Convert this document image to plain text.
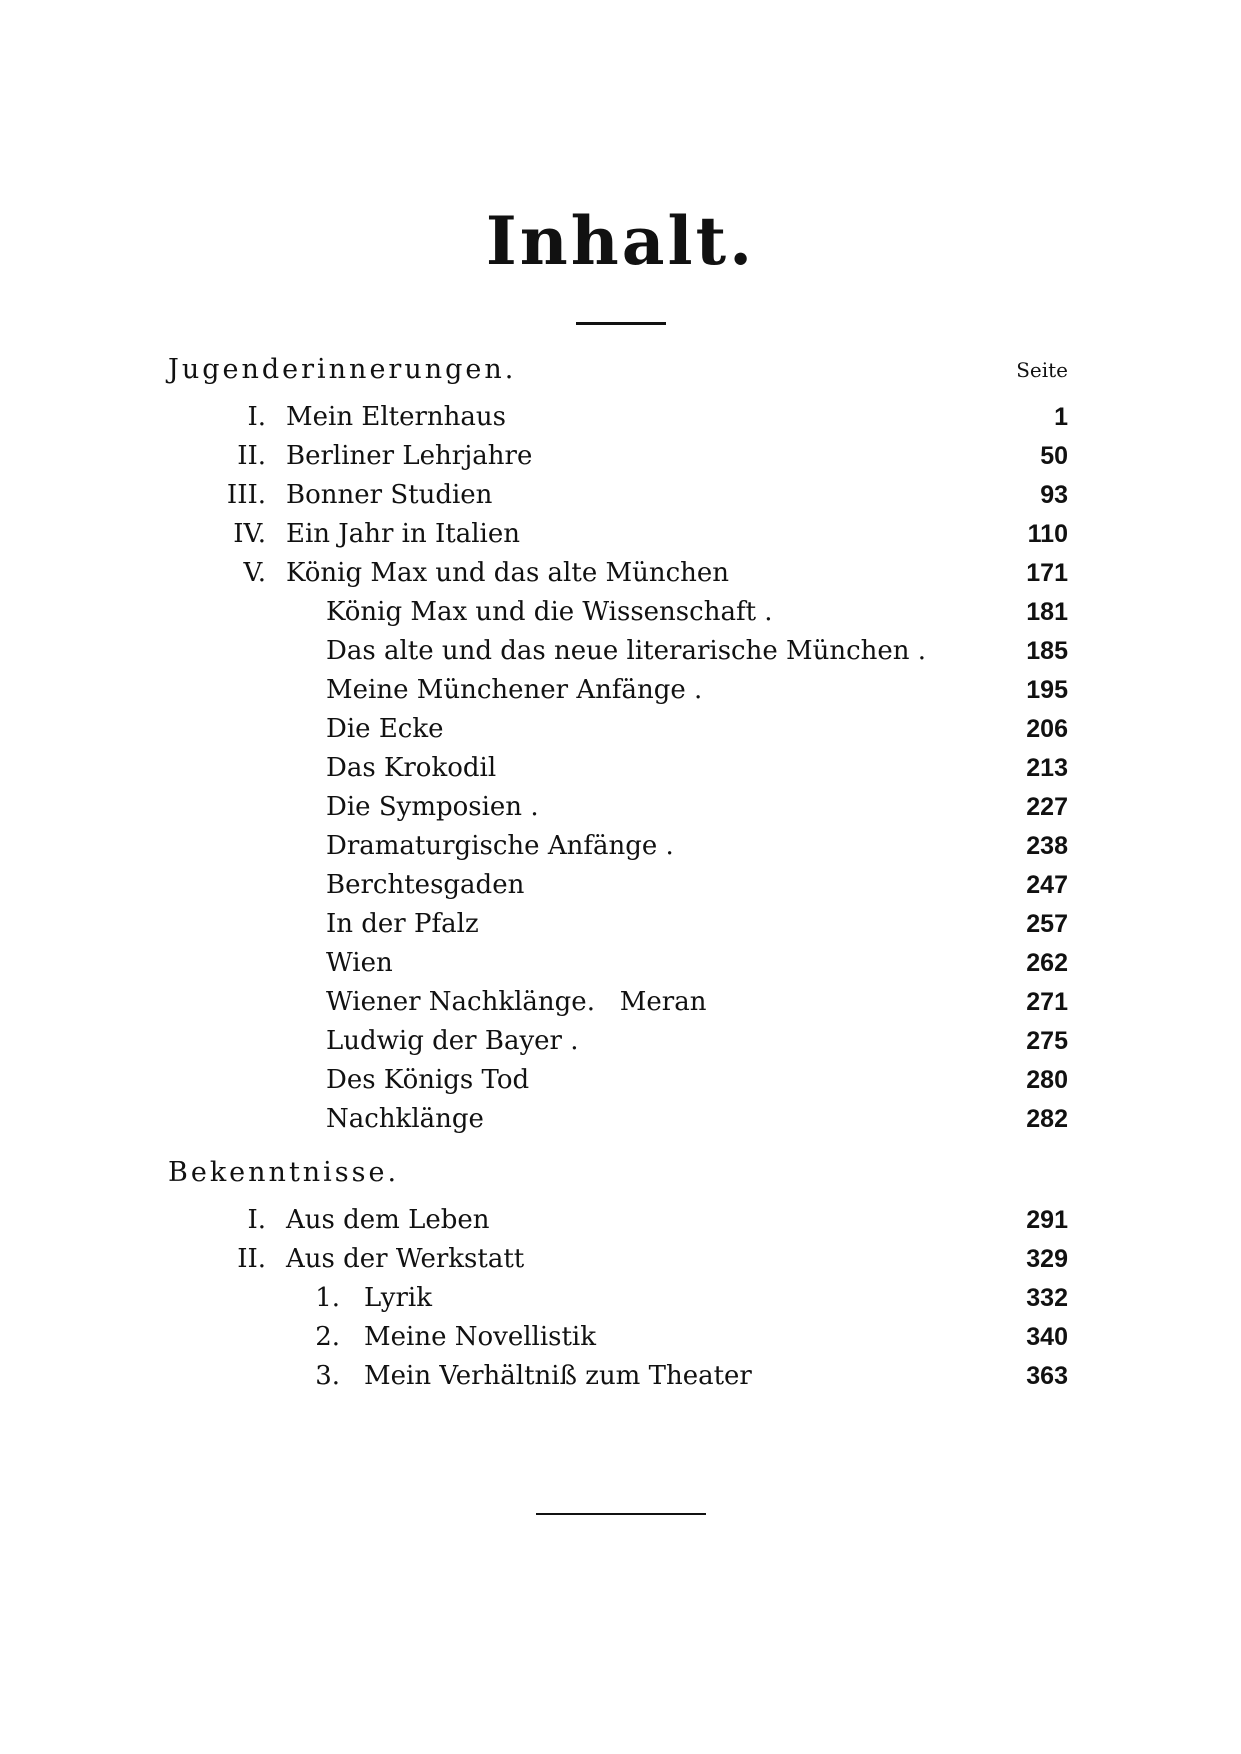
Inhalt.
Jugenderinnerungen.	Seite
I. Mein Elternhaus	1
II. Berliner Lehrjahre	50
III. Bonner Studien	93
IV. Ein Jahr in Italien	110
V. König Max und das alte München	171
König Max und die Wissenschaft .	181
Das alte und das neue literarische München .	185
Meine Münchener Anfänge .	195
Die Ecke	206
Das Krokodil	213
Die Symposien .	227
Dramaturgische Anfänge .	238
Berchtesgaden	247
In der Pfalz	257
Wien	262
Wiener Nachklänge.   Meran	271
Ludwig der Bayer .	275
Des Königs Tod	280
Nachklänge	282
Bekenntnisse.
I. Aus dem Leben	291
II. Aus der Werkstatt	329
1. Lyrik	332
2. Meine Novellistik	340
3. Mein Verhältniß zum Theater	363
